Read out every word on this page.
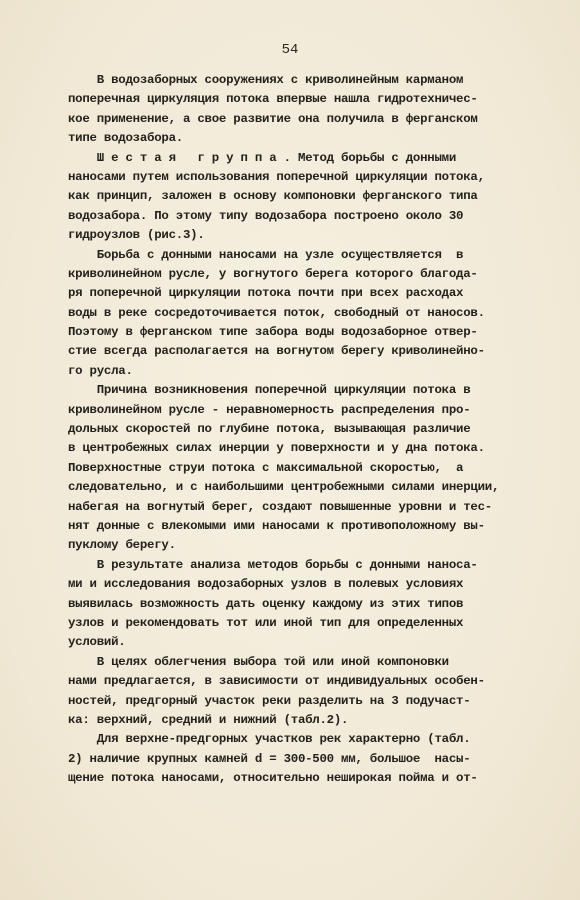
54
В водозаборных сооружениях с криволинейным карманом
поперечная циркуляция потока впервые нашла гидротехничес-
кое применение, а свое развитие она получила в ферганском
типе водозабора.
Ш е с т а я   г р у п п а . Метод борьбы с донными
наносами путем использования поперечной циркуляции потока,
как принцип, заложен в основу компоновки ферганского типа
водозабора. По этому типу водозабора построено около 30
гидроузлов (рис.3).
Борьба с донными наносами на узле осуществляется  в
криволинейном русле, у вогнутого берега которого благода-
ря поперечной циркуляции потока почти при всех расходах
воды в реке сосредоточивается поток, свободный от наносов.
Поэтому в ферганском типе забора воды водозаборное отвер-
стие всегда располагается на вогнутом берегу криволинейно-
го русла.
Причина возникновения поперечной циркуляции потока в
криволинейном русле - неравномерность распределения про-
дольных скоростей по глубине потока, вызывающая различие
в центробежных силах инерции у поверхности и у дна потока.
Поверхностные струи потока с максимальной скоростью,  а
следовательно, и с наибольшими центробежными силами инерции,
набегая на вогнутый берег, создают повышенные уровни и тес-
нят донные с влекомыми ими наносами к противоположному вы-
пуклому берегу.
В результате анализа методов борьбы с донными наноса-
ми и исследования водозаборных узлов в полевых условиях
выявилась возможность дать оценку каждому из этих типов
узлов и рекомендовать тот или иной тип для определенных
условий.
В целях облегчения выбора той или иной компоновки
нами предлагается, в зависимости от индивидуальных особен-
ностей, предгорный участок реки разделить на 3 подучаст-
ка: верхний, средний и нижний (табл.2).
Для верхне-предгорных участков рек характерно (табл.
2) наличие крупных камней d = 300-500 мм, большое  насы-
щение потока наносами, относительно неширокая пойма и от-
